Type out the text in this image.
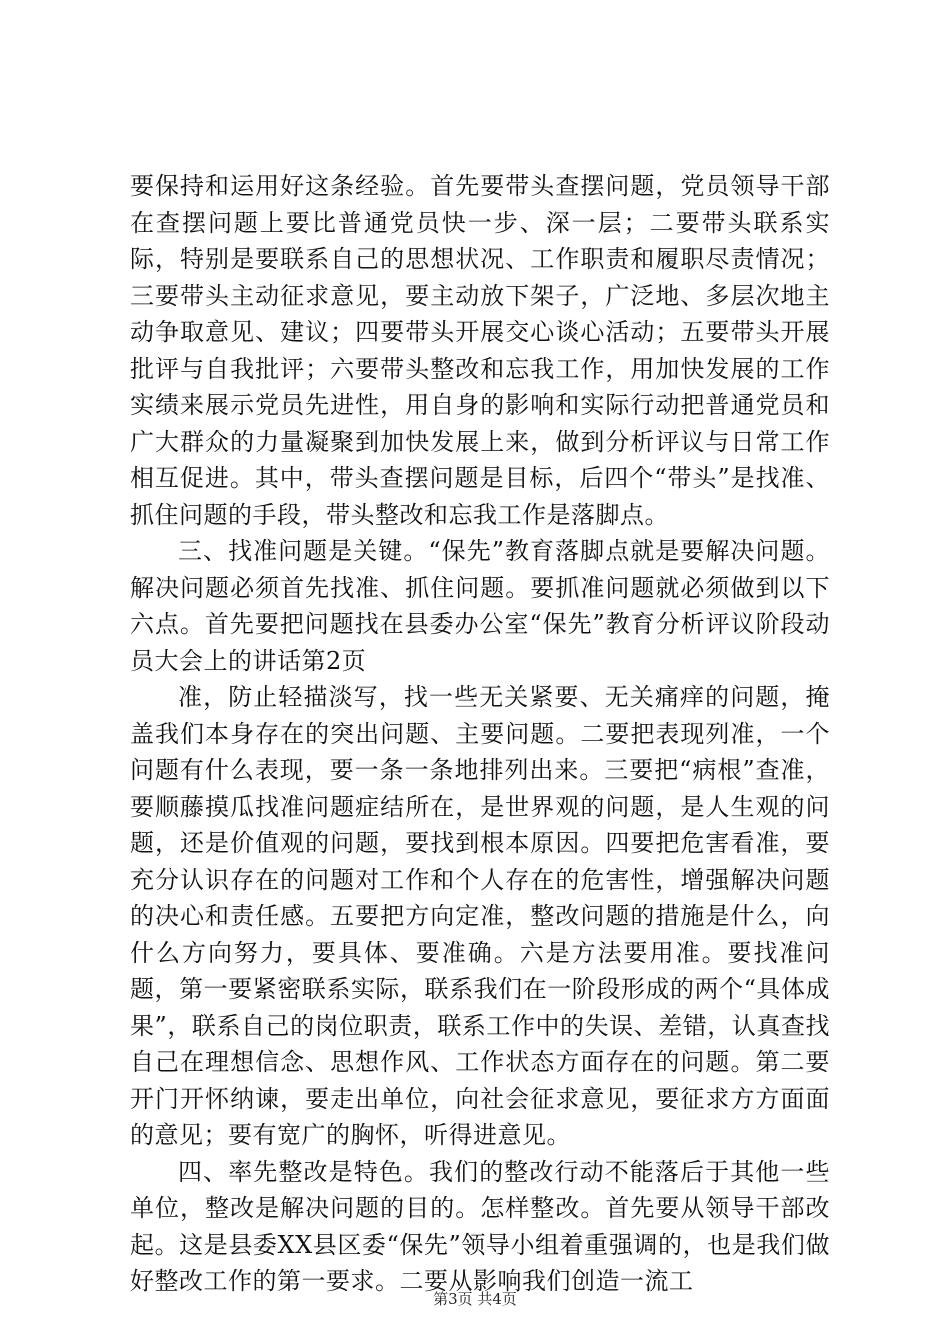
要保持和运用好这条经验。首先要带头查摆问题，党员领导干部在查摆问题上要比普通党员快一步、深一层；二要带头联系实际，特别是要联系自己的思想状况、工作职责和履职尽责情况；三要带头主动征求意见，要主动放下架子，广泛地、多层次地主动争取意见、建议；四要带头开展交心谈心活动；五要带头开展批评与自我批评；六要带头整改和忘我工作，用加快发展的工作实绩来展示党员先进性，用自身的影响和实际行动把普通党员和广大群众的力量凝聚到加快发展上来，做到分析评议与日常工作相互促进。其中，带头查摆问题是目标，后四个“带头”是找准、抓住问题的手段，带头整改和忘我工作是落脚点。

三、找准问题是关键。“保先”教育落脚点就是要解决问题。解决问题必须首先找准、抓住问题。要抓准问题就必须做到以下六点。首先要把问题找在县委办公室“保先”教育分析评议阶段动员大会上的讲话第2页

准，防止轻描淡写，找一些无关紧要、无关痛痒的问题，掩盖我们本身存在的突出问题、主要问题。二要把表现列准，一个问题有什么表现，要一条一条地排列出来。三要把“病根”查准，要顺藤摸瓜找准问题症结所在，是世界观的问题，是人生观的问题，还是价值观的问题，要找到根本原因。四要把危害看准，要充分认识存在的问题对工作和个人存在的危害性，增强解决问题的决心和责任感。五要把方向定准，整改问题的措施是什么，向什么方向努力，要具体、要准确。六是方法要用准。要找准问题，第一要紧密联系实际，联系我们在一阶段形成的两个“具体成果”，联系自己的岗位职责，联系工作中的失误、差错，认真查找自己在理想信念、思想作风、工作状态方面存在的问题。第二要开门开怀纳谏，要走出单位，向社会征求意见，要征求方方面面的意见；要有宽广的胸怀，听得进意见。

四、率先整改是特色。我们的整改行动不能落后于其他一些单位，整改是解决问题的目的。怎样整改。首先要从领导干部改起。这是县委XX县区委“保先”领导小组着重强调的，也是我们做好整改工作的第一要求。二要从影响我们创造一流工

第3页 共4页
